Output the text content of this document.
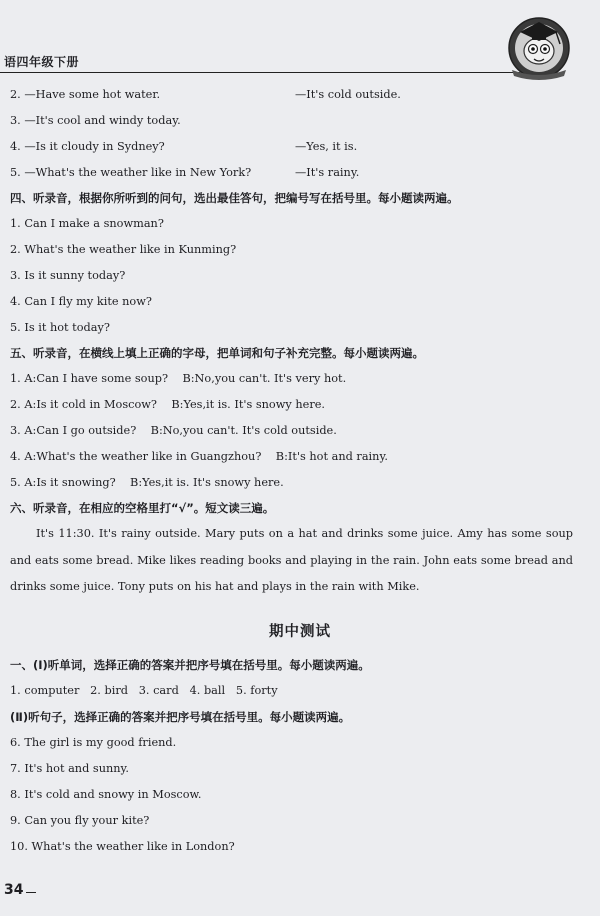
语四年级下册
2. —Have some hot water.	—It's cold outside.
3. —It's cool and windy today.
4. —Is it cloudy in Sydney?	—Yes, it is.
5. —What's the weather like in New York?	—It's rainy.
四、听录音，根据你所听到的问句，选出最佳答句，把编号写在括号里。每小题读两遍。
1. Can I make a snowman?
2. What's the weather like in Kunming?
3. Is it sunny today?
4. Can I fly my kite now?
5. Is it hot today?
五、听录音，在横线上填上正确的字母，把单词和句子补充完整。每小题读两遍。
1. A:Can I have some soup? B:No,you can't. It's very hot.
2. A:Is it cold in Moscow? B:Yes,it is. It's snowy here.
3. A:Can I go outside? B:No,you can't. It's cold outside.
4. A:What's the weather like in Guangzhou? B:It's hot and rainy.
5. A:Is it snowing? B:Yes,it is. It's snowy here.
六、听录音，在相应的空格里打“√”。短文读三遍。
It's 11:30. It's rainy outside. Mary puts on a hat and drinks some juice. Amy has some soup and eats some bread. Mike likes reading books and playing in the rain. John eats some bread and drinks some juice. Tony puts on his hat and plays in the rain with Mike.
期中测试
一、(Ⅰ)听单词，选择正确的答案并把序号填在括号里。每小题读两遍。
1. computer   2. bird   3. card   4. ball   5. forty
(Ⅱ)听句子，选择正确的答案并把序号填在括号里。每小题读两遍。
6. The girl is my good friend.
7. It's hot and sunny.
8. It's cold and snowy in Moscow.
9. Can you fly your kite?
10. What's the weather like in London?
34
